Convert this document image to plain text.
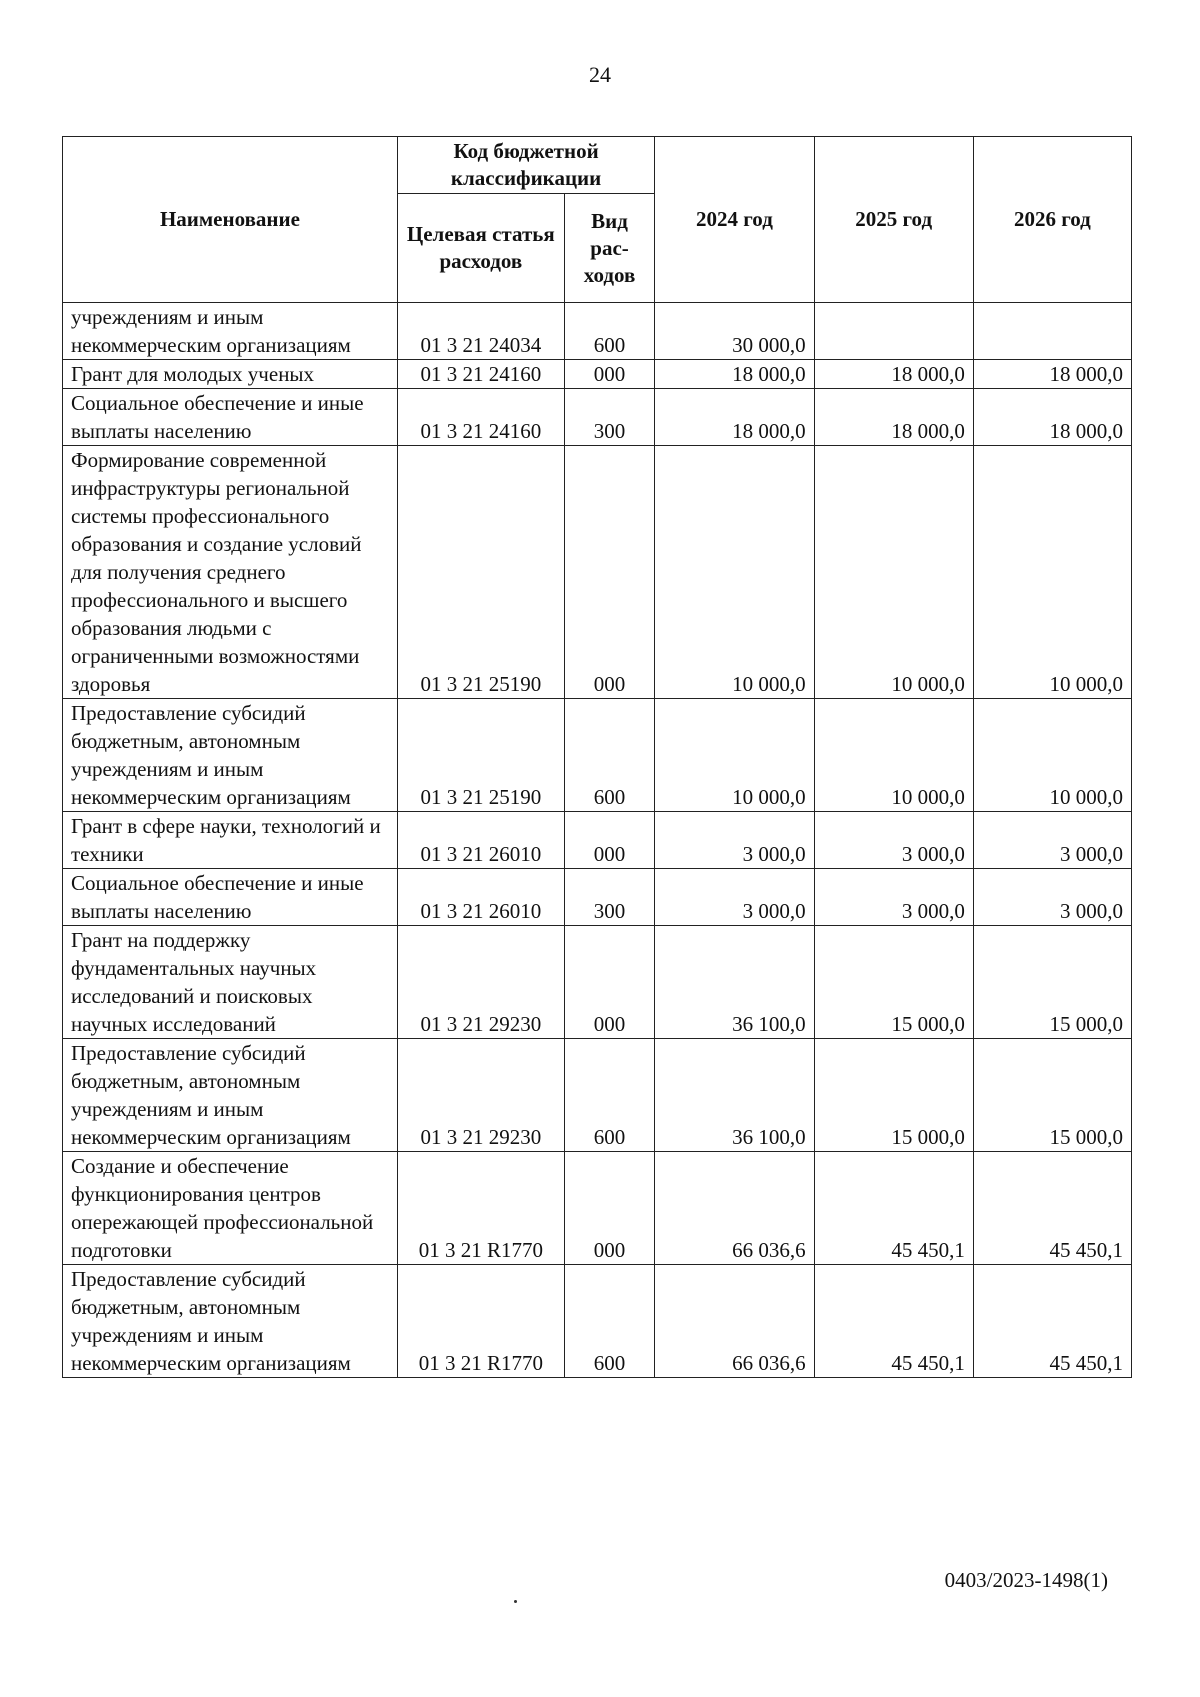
24
Наименование	Код бюджетной классификации		2024 год	2025 год	2026 год
	Целевая статья расходов	Вид рас-ходов			
учреждениям и иным некоммерческим организациям	01 3 21 24034	600	30 000,0		
Грант для молодых ученых	01 3 21 24160	000	18 000,0	18 000,0	18 000,0
Социальное обеспечение и иные выплаты населению	01 3 21 24160	300	18 000,0	18 000,0	18 000,0
Формирование современной инфраструктуры региональной системы профессионального образования и создание условий для получения среднего профессионального и высшего образования людьми с ограниченными возможностями здоровья	01 3 21 25190	000	10 000,0	10 000,0	10 000,0
Предоставление субсидий бюджетным, автономным учреждениям и иным некоммерческим организациям	01 3 21 25190	600	10 000,0	10 000,0	10 000,0
Грант в сфере науки, технологий и техники	01 3 21 26010	000	3 000,0	3 000,0	3 000,0
Социальное обеспечение и иные выплаты населению	01 3 21 26010	300	3 000,0	3 000,0	3 000,0
Грант на поддержку фундаментальных научных исследований и поисковых научных исследований	01 3 21 29230	000	36 100,0	15 000,0	15 000,0
Предоставление субсидий бюджетным, автономным учреждениям и иным некоммерческим организациям	01 3 21 29230	600	36 100,0	15 000,0	15 000,0
Создание и обеспечение функционирования центров опережающей профессиональной подготовки	01 3 21 R1770	000	66 036,6	45 450,1	45 450,1
Предоставление субсидий бюджетным, автономным учреждениям и иным некоммерческим организациям	01 3 21 R1770	600	66 036,6	45 450,1	45 450,1
0403/2023-1498(1)
